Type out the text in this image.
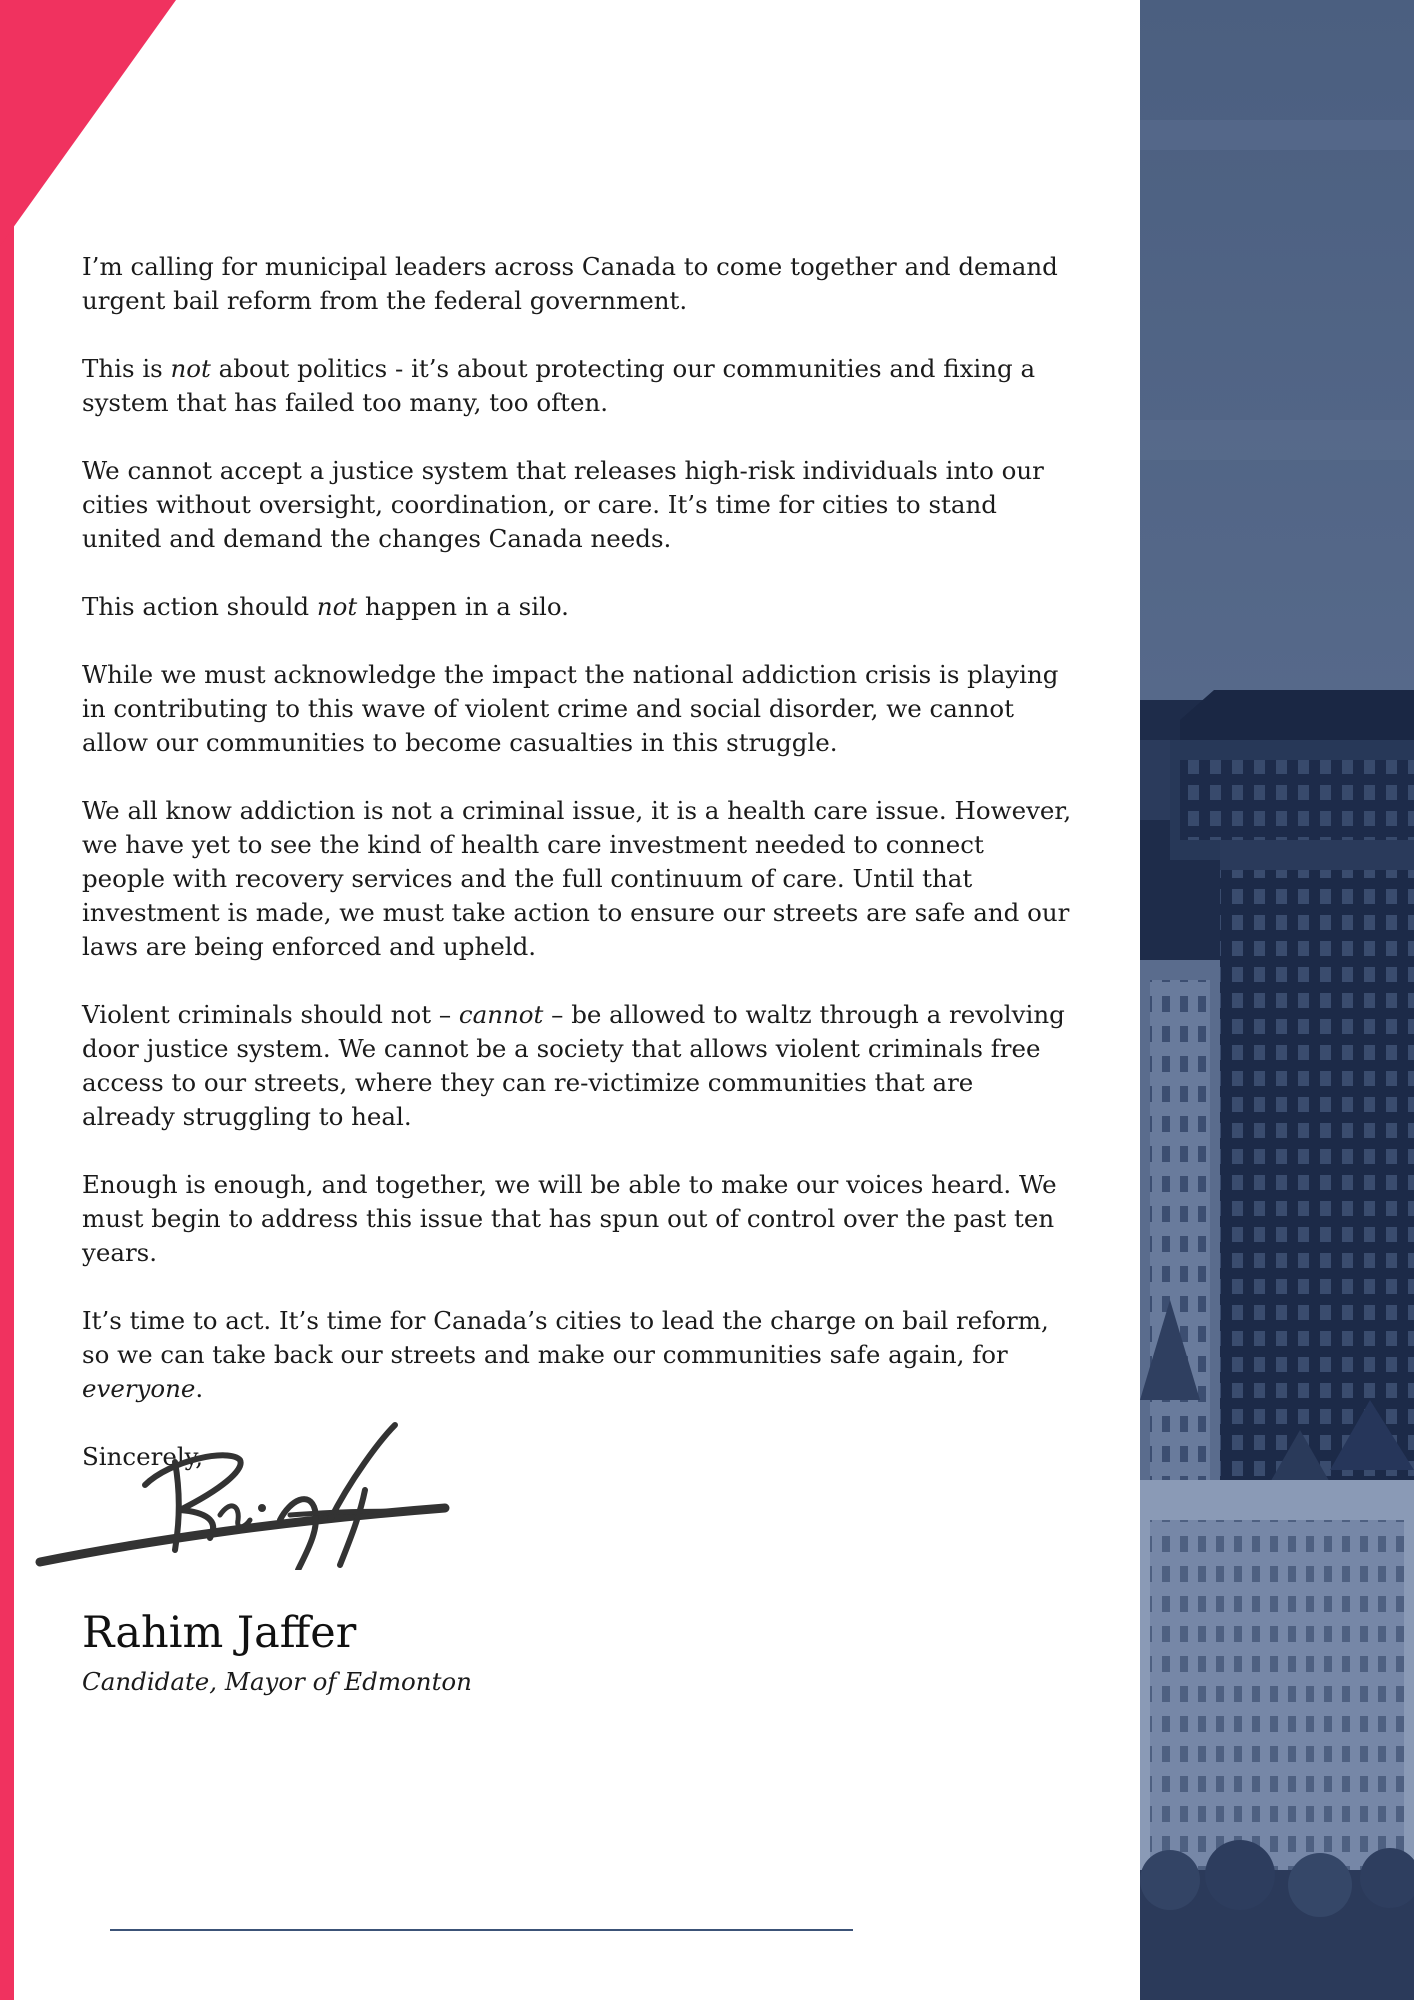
I’m calling for municipal leaders across Canada to come together and demand urgent bail reform from the federal government.

This is not about politics - it’s about protecting our communities and fixing a system that has failed too many, too often.

We cannot accept a justice system that releases high-risk individuals into our cities without oversight, coordination, or care. It’s time for cities to stand united and demand the changes Canada needs.

This action should not happen in a silo.

While we must acknowledge the impact the national addiction crisis is playing in contributing to this wave of violent crime and social disorder, we cannot allow our communities to become casualties in this struggle.

We all know addiction is not a criminal issue, it is a health care issue. However, we have yet to see the kind of health care investment needed to connect people with recovery services and the full continuum of care. Until that investment is made, we must take action to ensure our streets are safe and our laws are being enforced and upheld.

Violent criminals should not – cannot – be allowed to waltz through a revolving door justice system. We cannot be a society that allows violent criminals free access to our streets, where they can re-victimize communities that are already struggling to heal.

Enough is enough, and together, we will be able to make our voices heard. We must begin to address this issue that has spun out of control over the past ten years.

It’s time to act. It’s time for Canada’s cities to lead the charge on bail reform, so we can take back our streets and make our communities safe again, for everyone.

Sincerely,

Rahim Jaffer
Candidate, Mayor of Edmonton
